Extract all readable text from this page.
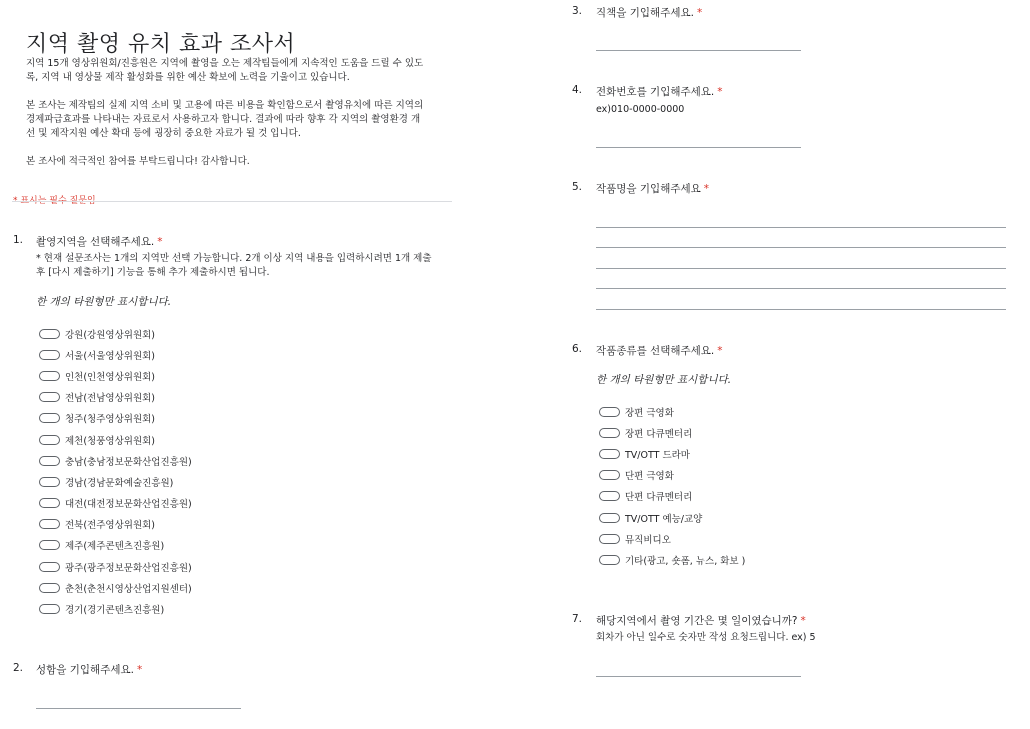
지역 촬영 유치 효과 조사서
지역 15개 영상위원회/진흥원은 지역에 촬영을 오는 제작팀들에게 지속적인 도움을 드릴 수 있도
록, 지역 내 영상물 제작 활성화를 위한 예산 확보에 노력을 기울이고 있습니다.
본 조사는 제작팀의 실제 지역 소비 및 고용에 따른 비용을 확인함으로서 촬영유치에 따른 지역의
경제파급효과를 나타내는 자료로서 사용하고자 합니다. 결과에 따라 향후 각 지역의 촬영환경 개
선 및 제작지원 예산 확대 등에 굉장히 중요한 자료가 될 것 입니다.
본 조사에 적극적인 참여를 부탁드립니다! 감사합니다.
* 표시는 필수 질문임
1. 촬영지역을 선택해주세요. *
* 현재 설문조사는 1개의 지역만 선택 가능합니다. 2개 이상 지역 내용을 입력하시려면 1개 제출
후 [다시 제출하기] 기능을 통해 추가 제출하시면 됩니다.
한 개의 타원형만 표시합니다.
강원(강원영상위원회)
서울(서울영상위원회)
인천(인천영상위원회)
전남(전남영상위원회)
청주(청주영상위원회)
제천(청풍영상위원회)
충남(충남정보문화산업진흥원)
경남(경남문화예술진흥원)
대전(대전정보문화산업진흥원)
전북(전주영상위원회)
제주(제주콘텐츠진흥원)
광주(광주정보문화산업진흥원)
춘천(춘천시영상산업지원센터)
경기(경기콘텐츠진흥원)
2. 성함을 기입해주세요. *
3. 직책을 기입해주세요. *
4. 전화번호를 기입해주세요. *
ex)010-0000-0000
5. 작품명을 기입해주세요 *
6. 작품종류를 선택해주세요. *
한 개의 타원형만 표시합니다.
장편 극영화
장편 다큐멘터리
TV/OTT 드라마
단편 극영화
단편 다큐멘터리
TV/OTT 예능/교양
뮤직비디오
기타(광고, 숏폼, 뉴스, 화보 )
7. 해당지역에서 촬영 기간은 몇 일이였습니까? *
회차가 아닌 일수로 숫자만 작성 요청드립니다. ex) 5
